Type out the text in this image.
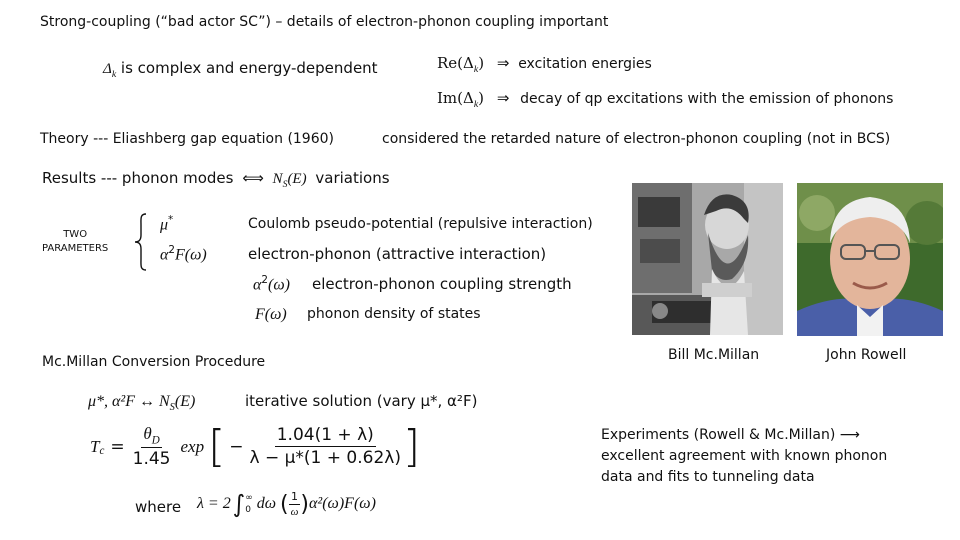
Strong-coupling (“bad actor SC”) – details of electron-phonon coupling important
$\Delta_k$ is complex and energy-dependent	$Re(\Delta_k)$ ⇒ excitation energies
$Im(\Delta_k)$ ⇒ decay of qp excitations with the emission of phonons
Theory --- Eliashberg gap equation (1960)	considered the retarded nature of electron-phonon coupling (not in BCS)
Results --- phonon modes ⟺ $N_S(E)$ variations
TWO
PARAMETERS
μ*	Coulomb pseudo-potential (repulsive interaction)
$\alpha^2F(\omega)$	electron-phonon (attractive interaction)
$\alpha^2(\omega)$ electron-phonon coupling strength
F(ω) phonon density of states
Bill Mc.Millan	John Rowell
Mc.Millan Conversion Procedure
μ*, α²F ↔ $N_S(E)$	iterative solution (vary μ*, α²F)
$T_c = \frac{\theta_D}{1.45}$ exp [ − $\frac{1.04(1 + \lambda)}{\lambda - \mu*(1 + 0.62\lambda)}$ ]
where λ = 2 ∫ ∞
0 dω ( $\frac{1}{\omega}$ ) α²(ω)F(ω)
Experiments (Rowell & Mc.Millan) ⟶
excellent agreement with known phonon
data and fits to tunneling data
